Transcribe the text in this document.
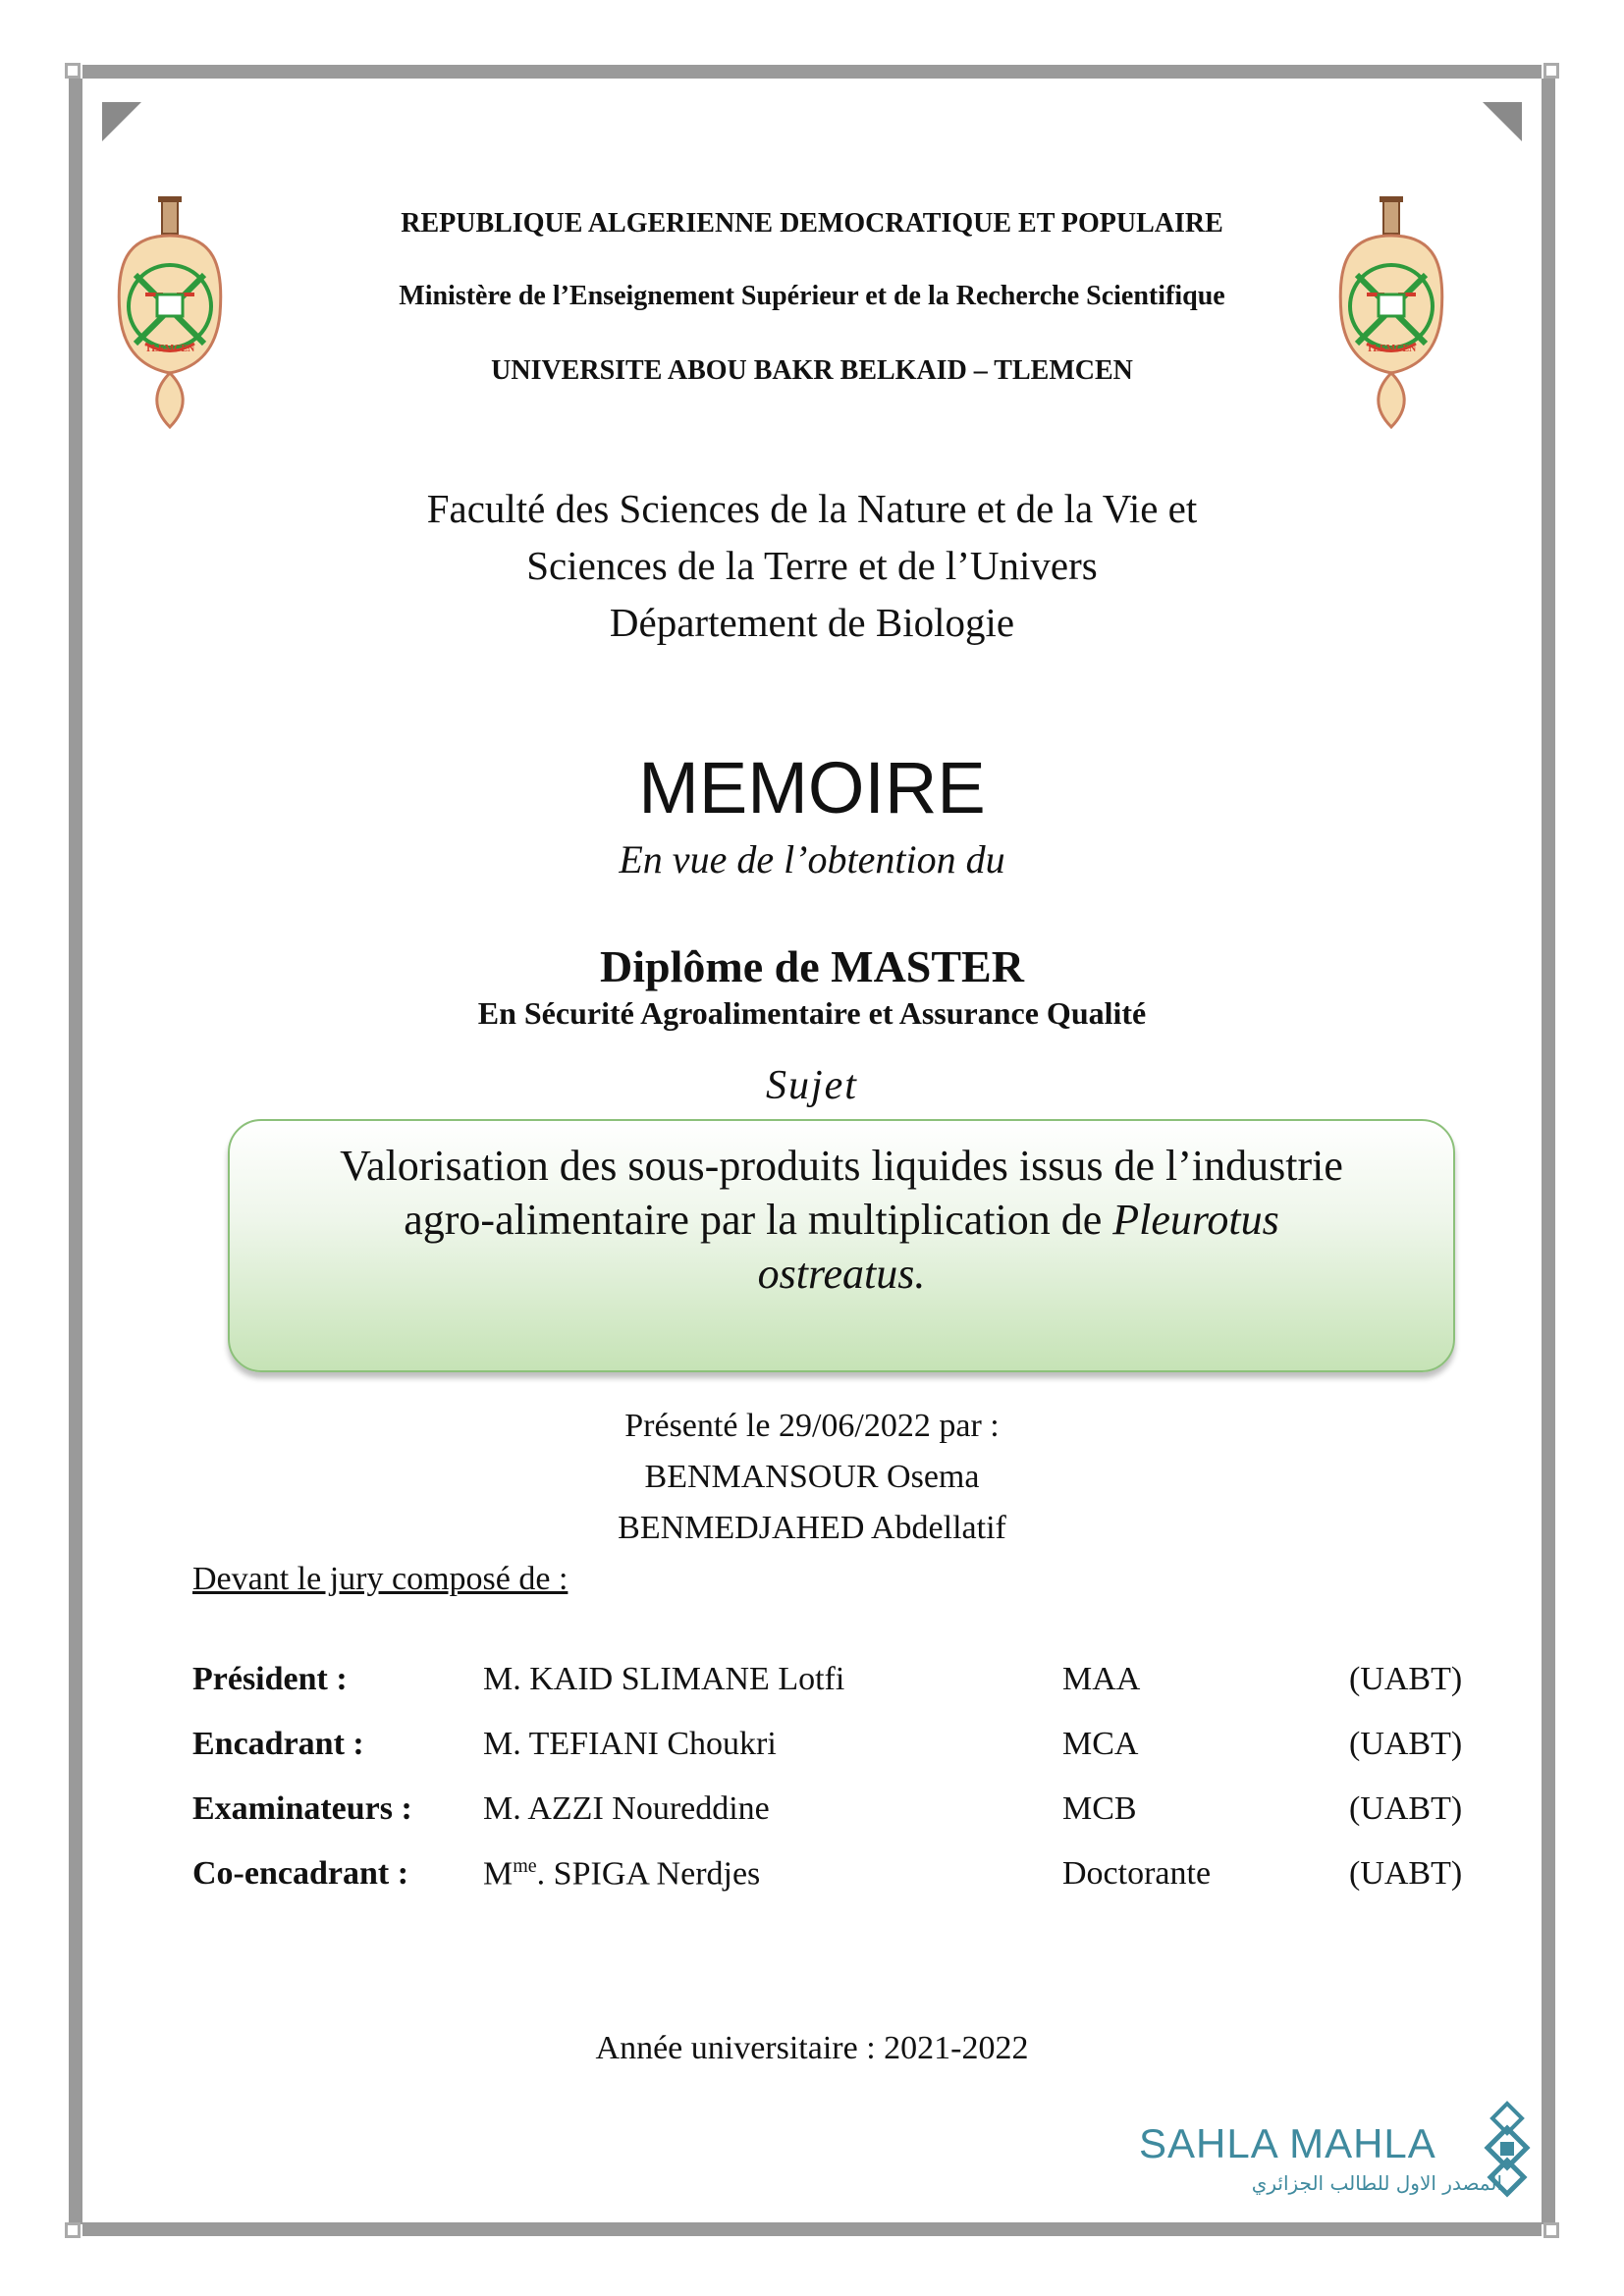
TLEMCEN	TLEMCEN
REPUBLIQUE ALGERIENNE DEMOCRATIQUE ET POPULAIRE
Ministère de l’Enseignement Supérieur et de la Recherche Scientifique
UNIVERSITE ABOU BAKR BELKAID – TLEMCEN
Faculté des Sciences de la Nature et de la Vie et
Sciences de la Terre et de l’Univers
Département de Biologie
MEMOIRE
En vue de l’obtention du
Diplôme de MASTER
En Sécurité Agroalimentaire et Assurance Qualité
Sujet
Valorisation des sous-produits liquides issus de l’industrie
agro-alimentaire par la multiplication de Pleurotus
ostreatus.
Présenté le 29/06/2022 par :
BENMANSOUR Osema
BENMEDJAHED Abdellatif
Devant le jury composé de :
Président :	M. KAID SLIMANE Lotfi	MAA	(UABT)
Encadrant :	M. TEFIANI Choukri	MCA	(UABT)
Examinateurs : M. AZZI Noureddine	MCB	(UABT)
Co-encadrant : $M^{me}$. SPIGA Nerdjes	Doctorante	(UABT)
Année universitaire : 2021-2022
SAHLA MAHLA
المصدر الاول للطالب الجزائري
